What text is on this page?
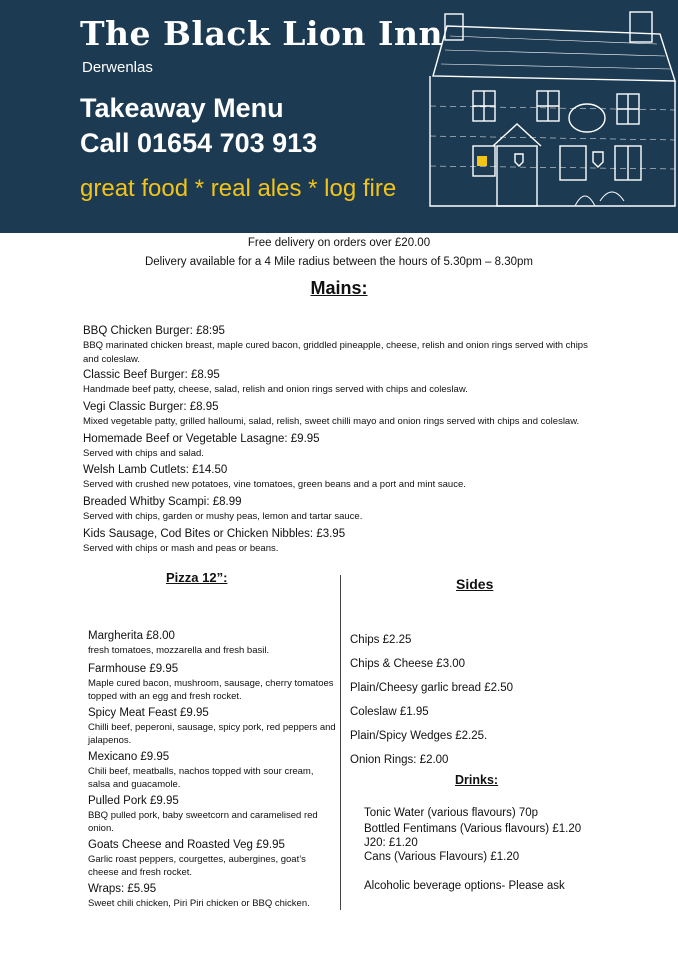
The Black Lion Inn
Derwenlas
Takeaway Menu
Call 01654 703 913
great food * real ales * log fire
Free delivery on orders over £20.00
Delivery available for a 4 Mile radius between the hours of 5.30pm – 8.30pm
Mains:
BBQ Chicken Burger: £8:95
BBQ marinated chicken breast, maple cured bacon, griddled pineapple, cheese, relish and onion rings served with chips and coleslaw.
Classic Beef Burger: £8.95
Handmade beef patty, cheese, salad, relish and onion rings served with chips and coleslaw.
Vegi Classic Burger: £8.95
Mixed vegetable patty, grilled halloumi, salad, relish, sweet chilli mayo and onion rings served with chips and coleslaw.
Homemade Beef or Vegetable Lasagne: £9.95
Served with chips and salad.
Welsh Lamb Cutlets: £14.50
Served with crushed new potatoes, vine tomatoes, green beans and a port and mint sauce.
Breaded Whitby Scampi: £8.99
Served with chips, garden or mushy peas, lemon and tartar sauce.
Kids Sausage, Cod Bites or Chicken Nibbles: £3.95
Served with chips or mash and peas or beans.
Pizza 12”:
Margherita £8.00
fresh tomatoes, mozzarella and fresh basil.
Farmhouse £9.95
Maple cured bacon, mushroom, sausage, cherry tomatoes topped with an egg and fresh rocket.
Spicy Meat Feast £9.95
Chilli beef, peperoni, sausage, spicy pork, red peppers and jalapenos.
Mexicano £9.95
Chili beef, meatballs, nachos topped with sour cream, salsa and guacamole.
Pulled Pork £9.95
BBQ pulled pork, baby sweetcorn and caramelised red onion.
Goats Cheese and Roasted Veg £9.95
Garlic roast peppers, courgettes, aubergines, goat’s cheese and fresh rocket.
Wraps: £5.95
Sweet chili chicken, Piri Piri chicken or BBQ chicken.
Sides
Chips £2.25
Chips & Cheese £3.00
Plain/Cheesy garlic bread £2.50
Coleslaw £1.95
Plain/Spicy Wedges £2.25.
Onion Rings: £2.00
Drinks:
Tonic Water (various flavours) 70p
Bottled Fentimans (Various flavours) £1.20
J20: £1.20
Cans (Various Flavours) £1.20
Alcoholic beverage options- Please ask
